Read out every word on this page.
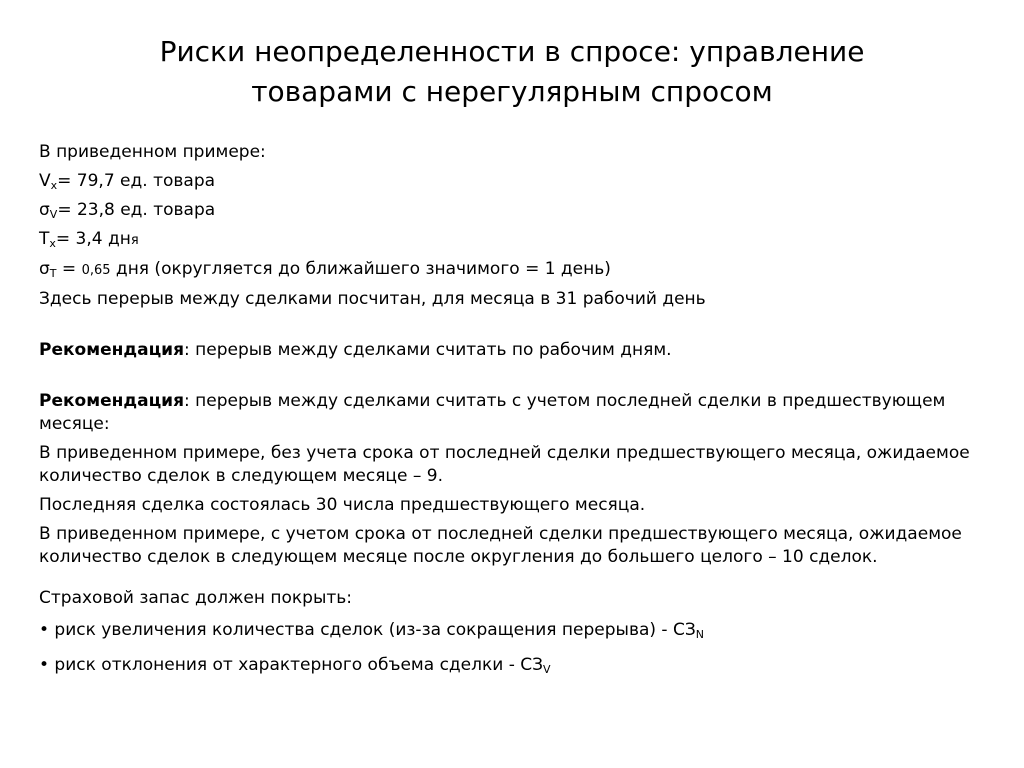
Риски неопределенности в спросе: управление
товарами с нерегулярным спросом

В приведенном примере:

$V_x= 79,7$ ед. товара

$\sigma_V= 23,8$ ед. товара

$T_x= 3,4$ дня

$\sigma_T = 0,65$ дня (округляется до ближайшего значимого = 1 день)

Здесь перерыв между сделками посчитан, для месяца в 31 рабочий день

Рекомендация: перерыв между сделками считать по рабочим дням.

Рекомендация: перерыв между сделками считать с учетом последней сделки в предшествующем месяце:

В приведенном примере, без учета срока от последней сделки предшествующего месяца, ожидаемое количество сделок в следующем месяце – 9.

Последняя сделка состоялась 30 числа предшествующего месяца.

В приведенном примере, с учетом срока от последней сделки предшествующего месяца, ожидаемое количество сделок в следующем месяце после округления до большего целого – 10 сделок.

Страховой запас должен покрыть:

• риск увеличения количества сделок (из-за сокращения перерыва) - $СЗ_N$

• риск отклонения от характерного объема сделки - $СЗ_V$
